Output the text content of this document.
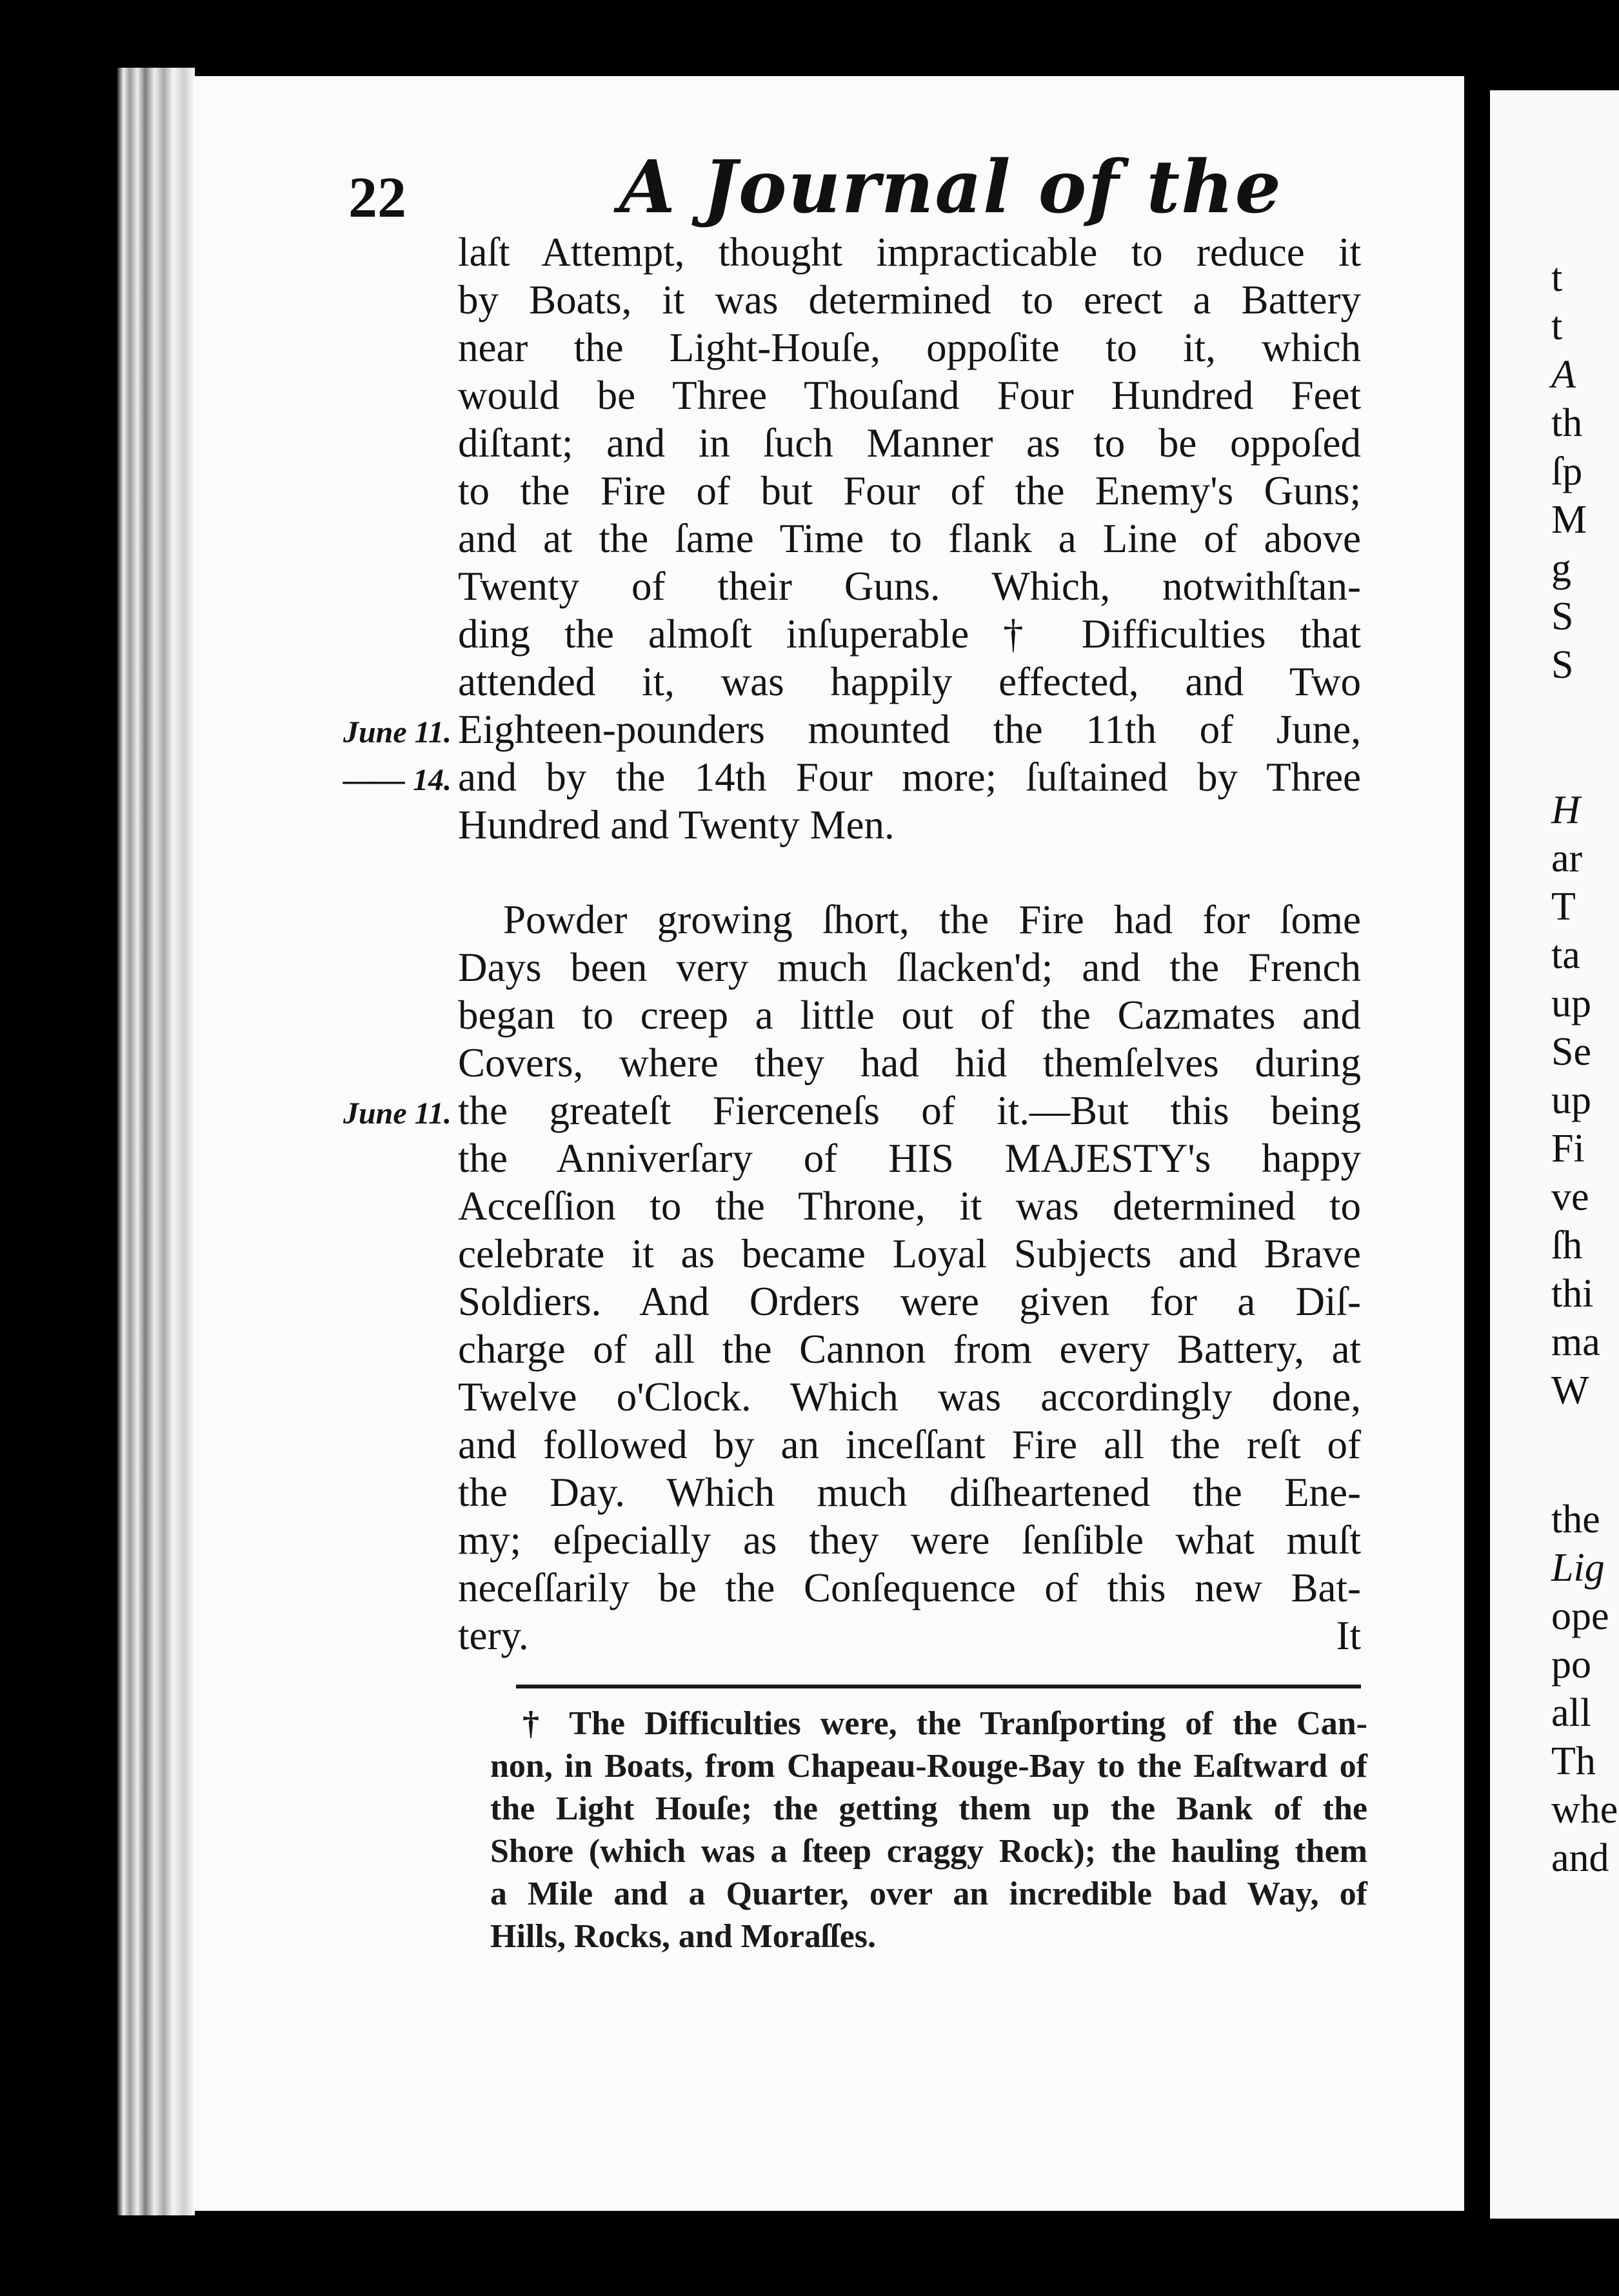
t
t
A
th
ſp
M
g
S
S
H
ar
T
ta
up
Se
up
Fi
ve
ſh
thi
ma
W
the
Lig
ope
po
all
Th
whe
and
22	A Journal of the
laſt Attempt, thought impracticable to reduce it
by Boats, it was determined to erect a Battery
near the Light-Houſe, oppoſite to it, which
would be Three Thouſand Four Hundred Feet
diſtant; and in ſuch Manner as to be oppoſed
to the Fire of but Four of the Enemy's Guns;
and at the ſame Time to flank a Line of above
Twenty of their Guns. Which, notwithſtan-
ding the almoſt inſuperable † Difficulties that
attended it, was happily effected, and Two
Eighteen-pounders mounted the 11th of June,
and by the 14th Four more; ſuſtained by Three
Hundred and Twenty Men.
Powder growing ſhort, the Fire had for ſome
Days been very much ſlacken'd; and the French
began to creep a little out of the Cazmates and
Covers, where they had hid themſelves during
the greateſt Fierceneſs of it.—But this being
the Anniverſary of HIS MAJESTY's happy
Acceſſion to the Throne, it was determined to
celebrate it as became Loyal Subjects and Brave
Soldiers. And Orders were given for a Diſ-
charge of all the Cannon from every Battery, at
Twelve o'Clock. Which was accordingly done,
and followed by an inceſſant Fire all the reſt of
the Day. Which much diſheartened the Ene-
my; eſpecially as they were ſenſible what muſt
neceſſarily be the Conſequence of this new Bat-
tery.	It
June 11.
—— 14.
June 11.
† The Difficulties were, the Tranſporting of the Can-
non, in Boats, from Chapeau-Rouge-Bay to the Eaſtward of
the Light Houſe; the getting them up the Bank of the
Shore (which was a ſteep craggy Rock); the hauling them
a Mile and a Quarter, over an incredible bad Way, of
Hills, Rocks, and Moraſſes.
